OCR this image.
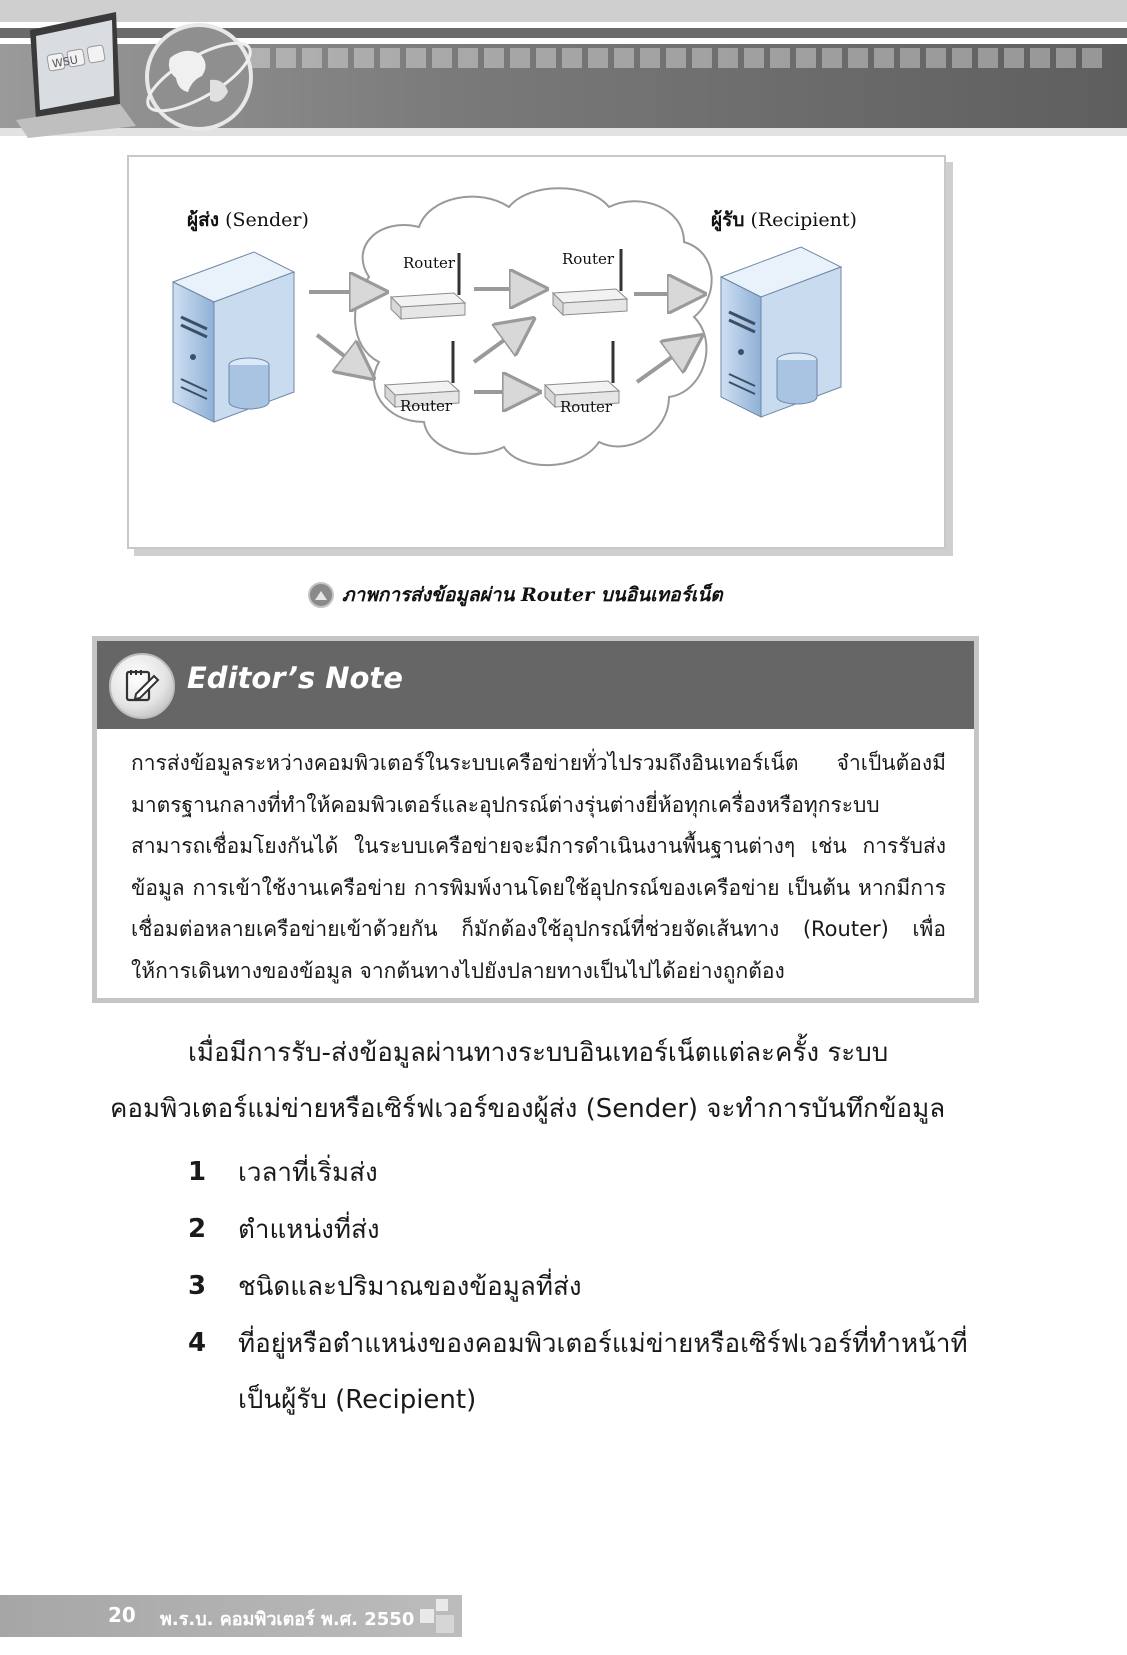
WSU
ผู้ส่ง (Sender)	ผู้รับ (Recipient)
Router	Router
Router	Router
ภาพการส่งข้อมูลผ่าน Router บนอินเทอร์เน็ต
Editor’s Note
การส่งข้อมูลระหว่างคอมพิวเตอร์ในระบบเครือข่ายทั่วไปรวมถึงอินเทอร์เน็ต จำเป็นต้องมีมาตรฐานกลางที่ทำให้คอมพิวเตอร์และอุปกรณ์ต่างรุ่นต่างยี่ห้อทุกเครื่องหรือทุกระบบสามารถเชื่อมโยงกันได้ ในระบบเครือข่ายจะมีการดำเนินงานพื้นฐานต่างๆ เช่น การรับส่งข้อมูล การเข้าใช้งานเครือข่าย การพิมพ์งานโดยใช้อุปกรณ์ของเครือข่าย เป็นต้น หากมีการเชื่อมต่อหลายเครือข่ายเข้าด้วยกัน ก็มักต้องใช้อุปกรณ์ที่ช่วยจัดเส้นทาง (Router) เพื่อให้การเดินทางของข้อมูล จากต้นทางไปยังปลายทางเป็นไปได้อย่างถูกต้อง
เมื่อมีการรับ-ส่งข้อมูลผ่านทางระบบอินเทอร์เน็ตแต่ละครั้ง ระบบคอมพิวเตอร์แม่ข่ายหรือเซิร์ฟเวอร์ของผู้ส่ง (Sender) จะทำการบันทึกข้อมูล
1	เวลาที่เริ่มส่ง
2	ตำแหน่งที่ส่ง
3	ชนิดและปริมาณของข้อมูลที่ส่ง
4	ที่อยู่หรือตำแหน่งของคอมพิวเตอร์แม่ข่ายหรือเซิร์ฟเวอร์ที่ทำหน้าที่เป็นผู้รับ (Recipient)
20 พ.ร.บ. คอมพิวเตอร์ พ.ศ. 2550
